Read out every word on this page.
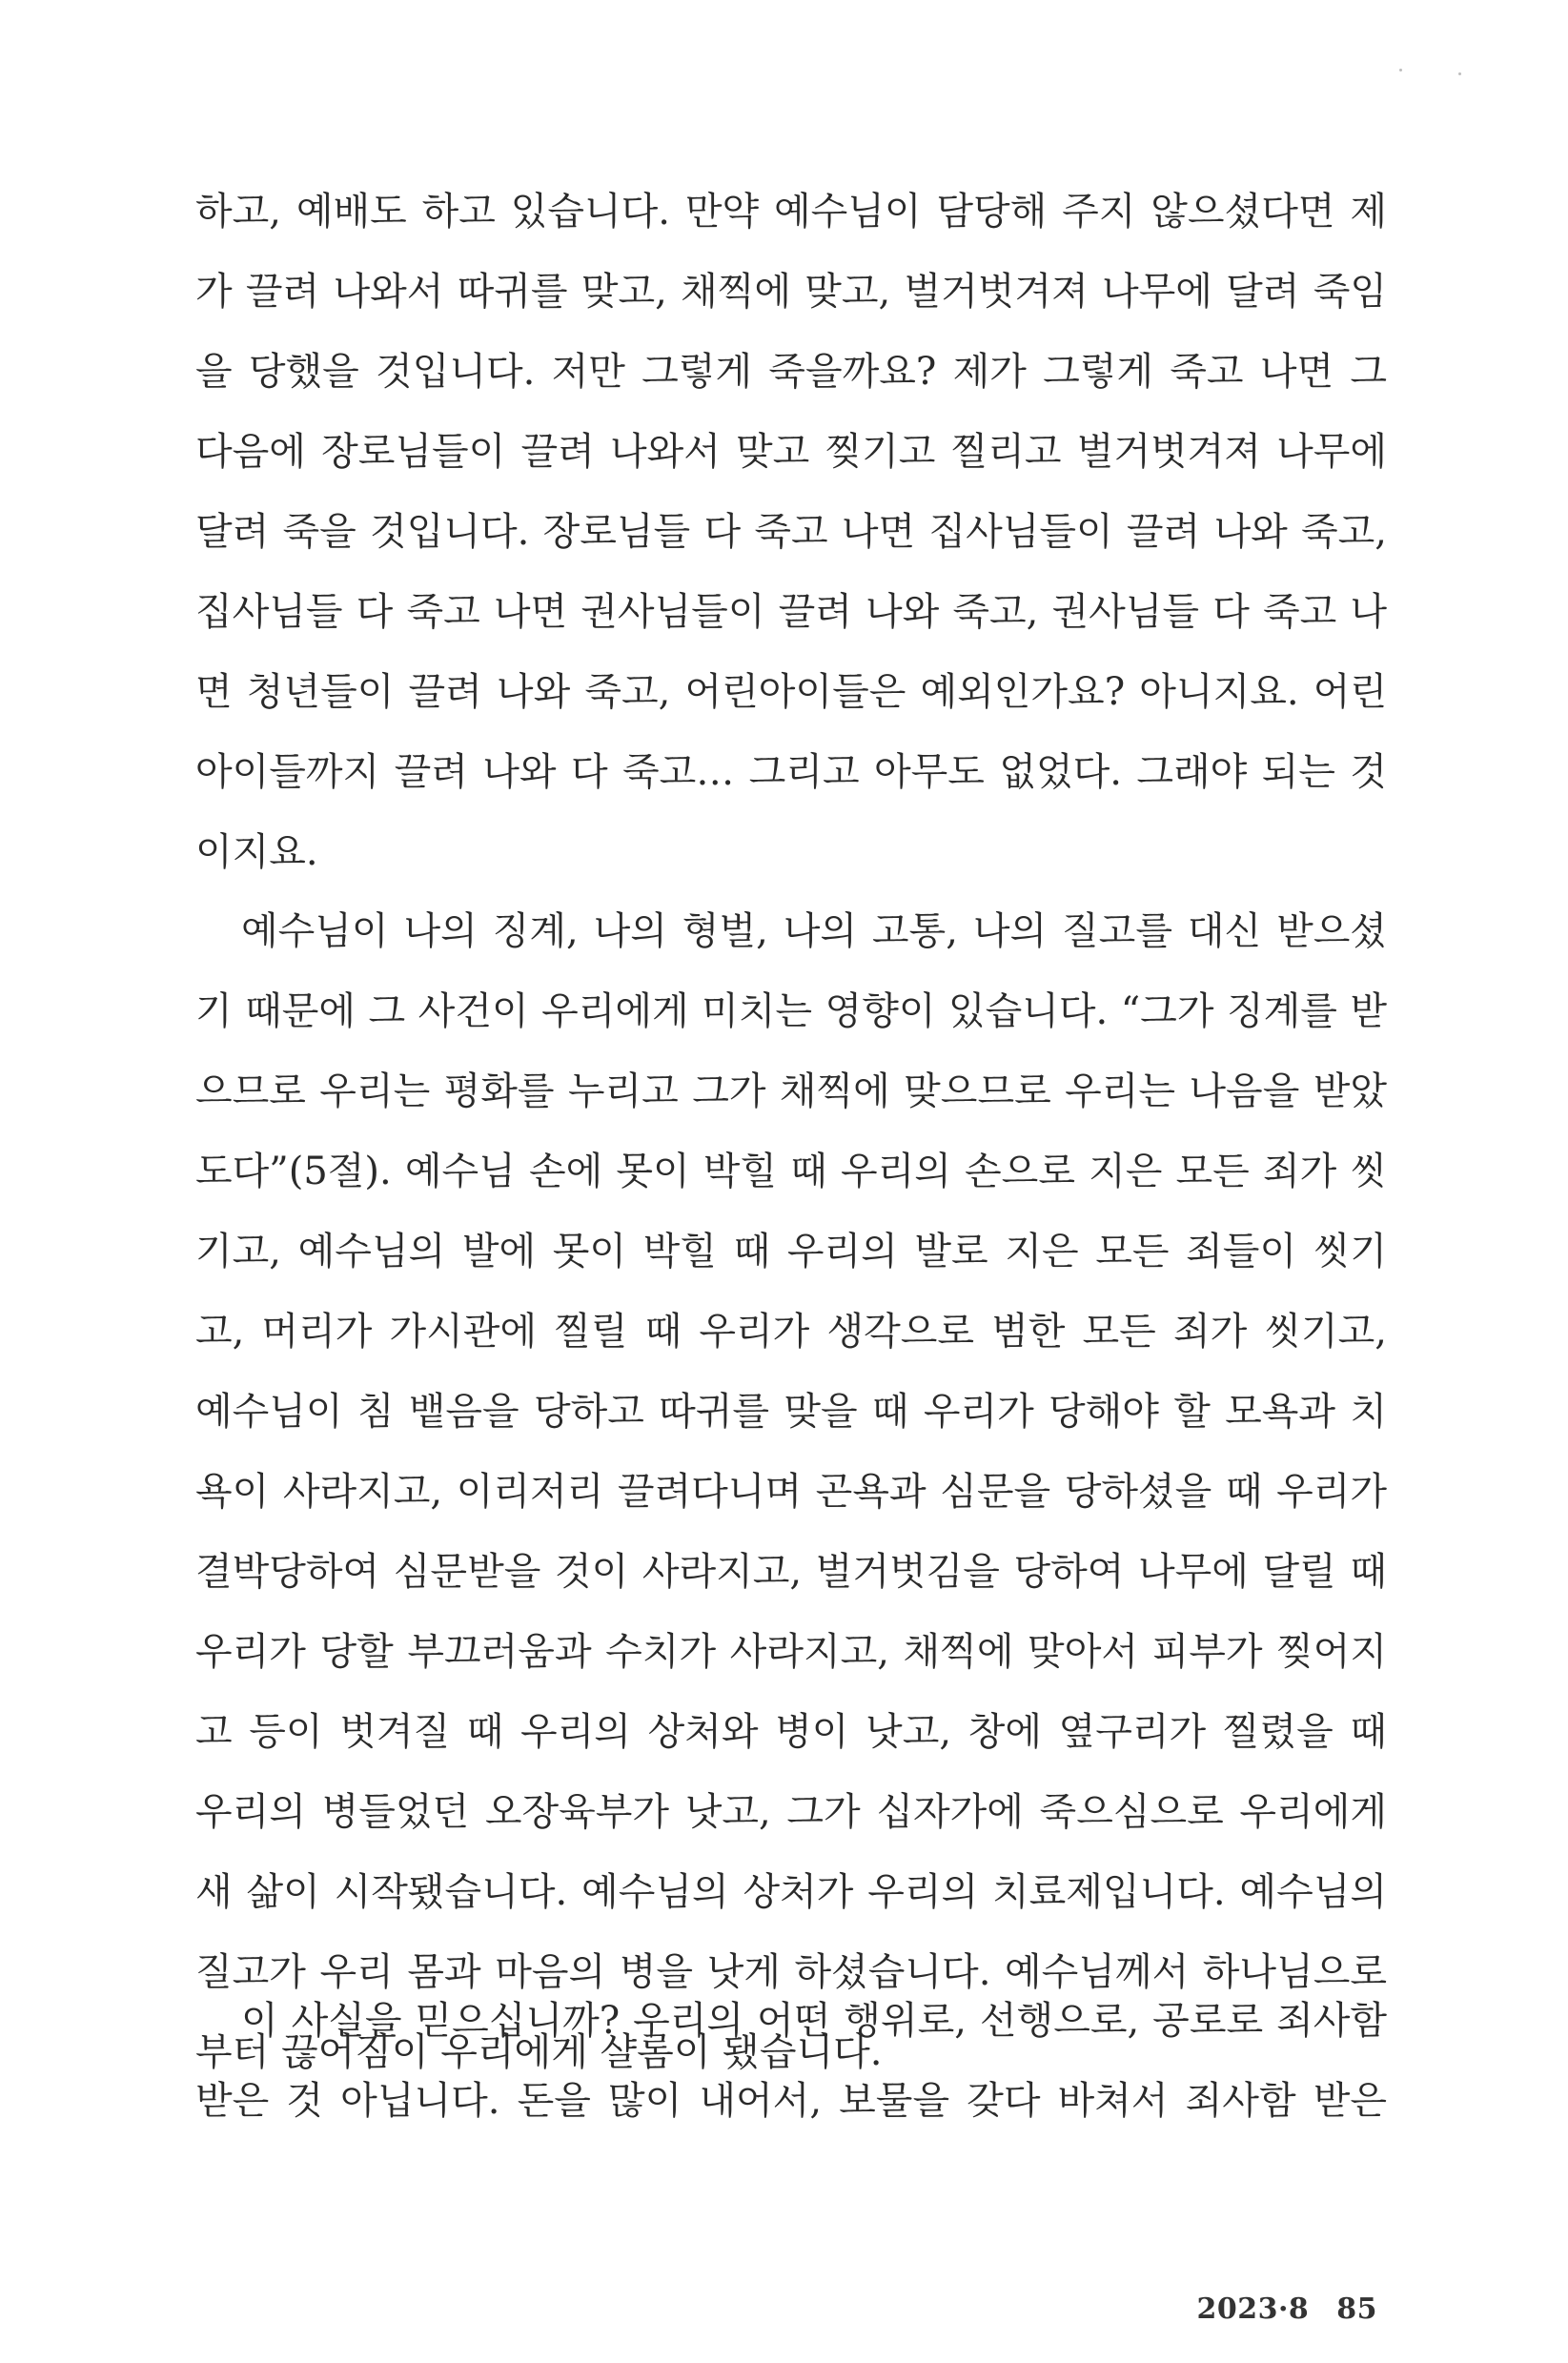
하고, 예배도 하고 있습니다. 만약 예수님이 담당해 주지 않으셨다면 제
가 끌려 나와서 따귀를 맞고, 채찍에 맞고, 벌거벗겨져 나무에 달려 죽임
을 당했을 것입니다. 저만 그렇게 죽을까요? 제가 그렇게 죽고 나면 그
다음에 장로님들이 끌려 나와서 맞고 찢기고 찔리고 벌거벗겨져 나무에
달려 죽을 것입니다. 장로님들 다 죽고 나면 집사님들이 끌려 나와 죽고,
집사님들 다 죽고 나면 권사님들이 끌려 나와 죽고, 권사님들 다 죽고 나
면 청년들이 끌려 나와 죽고, 어린아이들은 예외인가요? 아니지요. 어린
아이들까지 끌려 나와 다 죽고… 그리고 아무도 없었다. 그래야 되는 것
이지요.
예수님이 나의 징계, 나의 형벌, 나의 고통, 나의 질고를 대신 받으셨
기 때문에 그 사건이 우리에게 미치는 영향이 있습니다. “그가 징계를 받
으므로 우리는 평화를 누리고 그가 채찍에 맞으므로 우리는 나음을 받았
도다”(5절). 예수님 손에 못이 박힐 때 우리의 손으로 지은 모든 죄가 씻
기고, 예수님의 발에 못이 박힐 때 우리의 발로 지은 모든 죄들이 씻기
고, 머리가 가시관에 찔릴 때 우리가 생각으로 범한 모든 죄가 씻기고,
예수님이 침 뱉음을 당하고 따귀를 맞을 때 우리가 당해야 할 모욕과 치
욕이 사라지고, 이리저리 끌려다니며 곤욕과 심문을 당하셨을 때 우리가
결박당하여 심문받을 것이 사라지고, 벌거벗김을 당하여 나무에 달릴 때
우리가 당할 부끄러움과 수치가 사라지고, 채찍에 맞아서 피부가 찢어지
고 등이 벗겨질 때 우리의 상처와 병이 낫고, 창에 옆구리가 찔렸을 때
우리의 병들었던 오장육부가 낫고, 그가 십자가에 죽으심으로 우리에게
새 삶이 시작됐습니다. 예수님의 상처가 우리의 치료제입니다. 예수님의
질고가 우리 몸과 마음의 병을 낫게 하셨습니다. 예수님께서 하나님으로
부터 끊어짐이 우리에게 샬롬이 됐습니다.
이 사실을 믿으십니까? 우리의 어떤 행위로, 선행으로, 공로로 죄사함
받은 것 아닙니다. 돈을 많이 내어서, 보물을 갖다 바쳐서 죄사함 받은
2023·8 85
